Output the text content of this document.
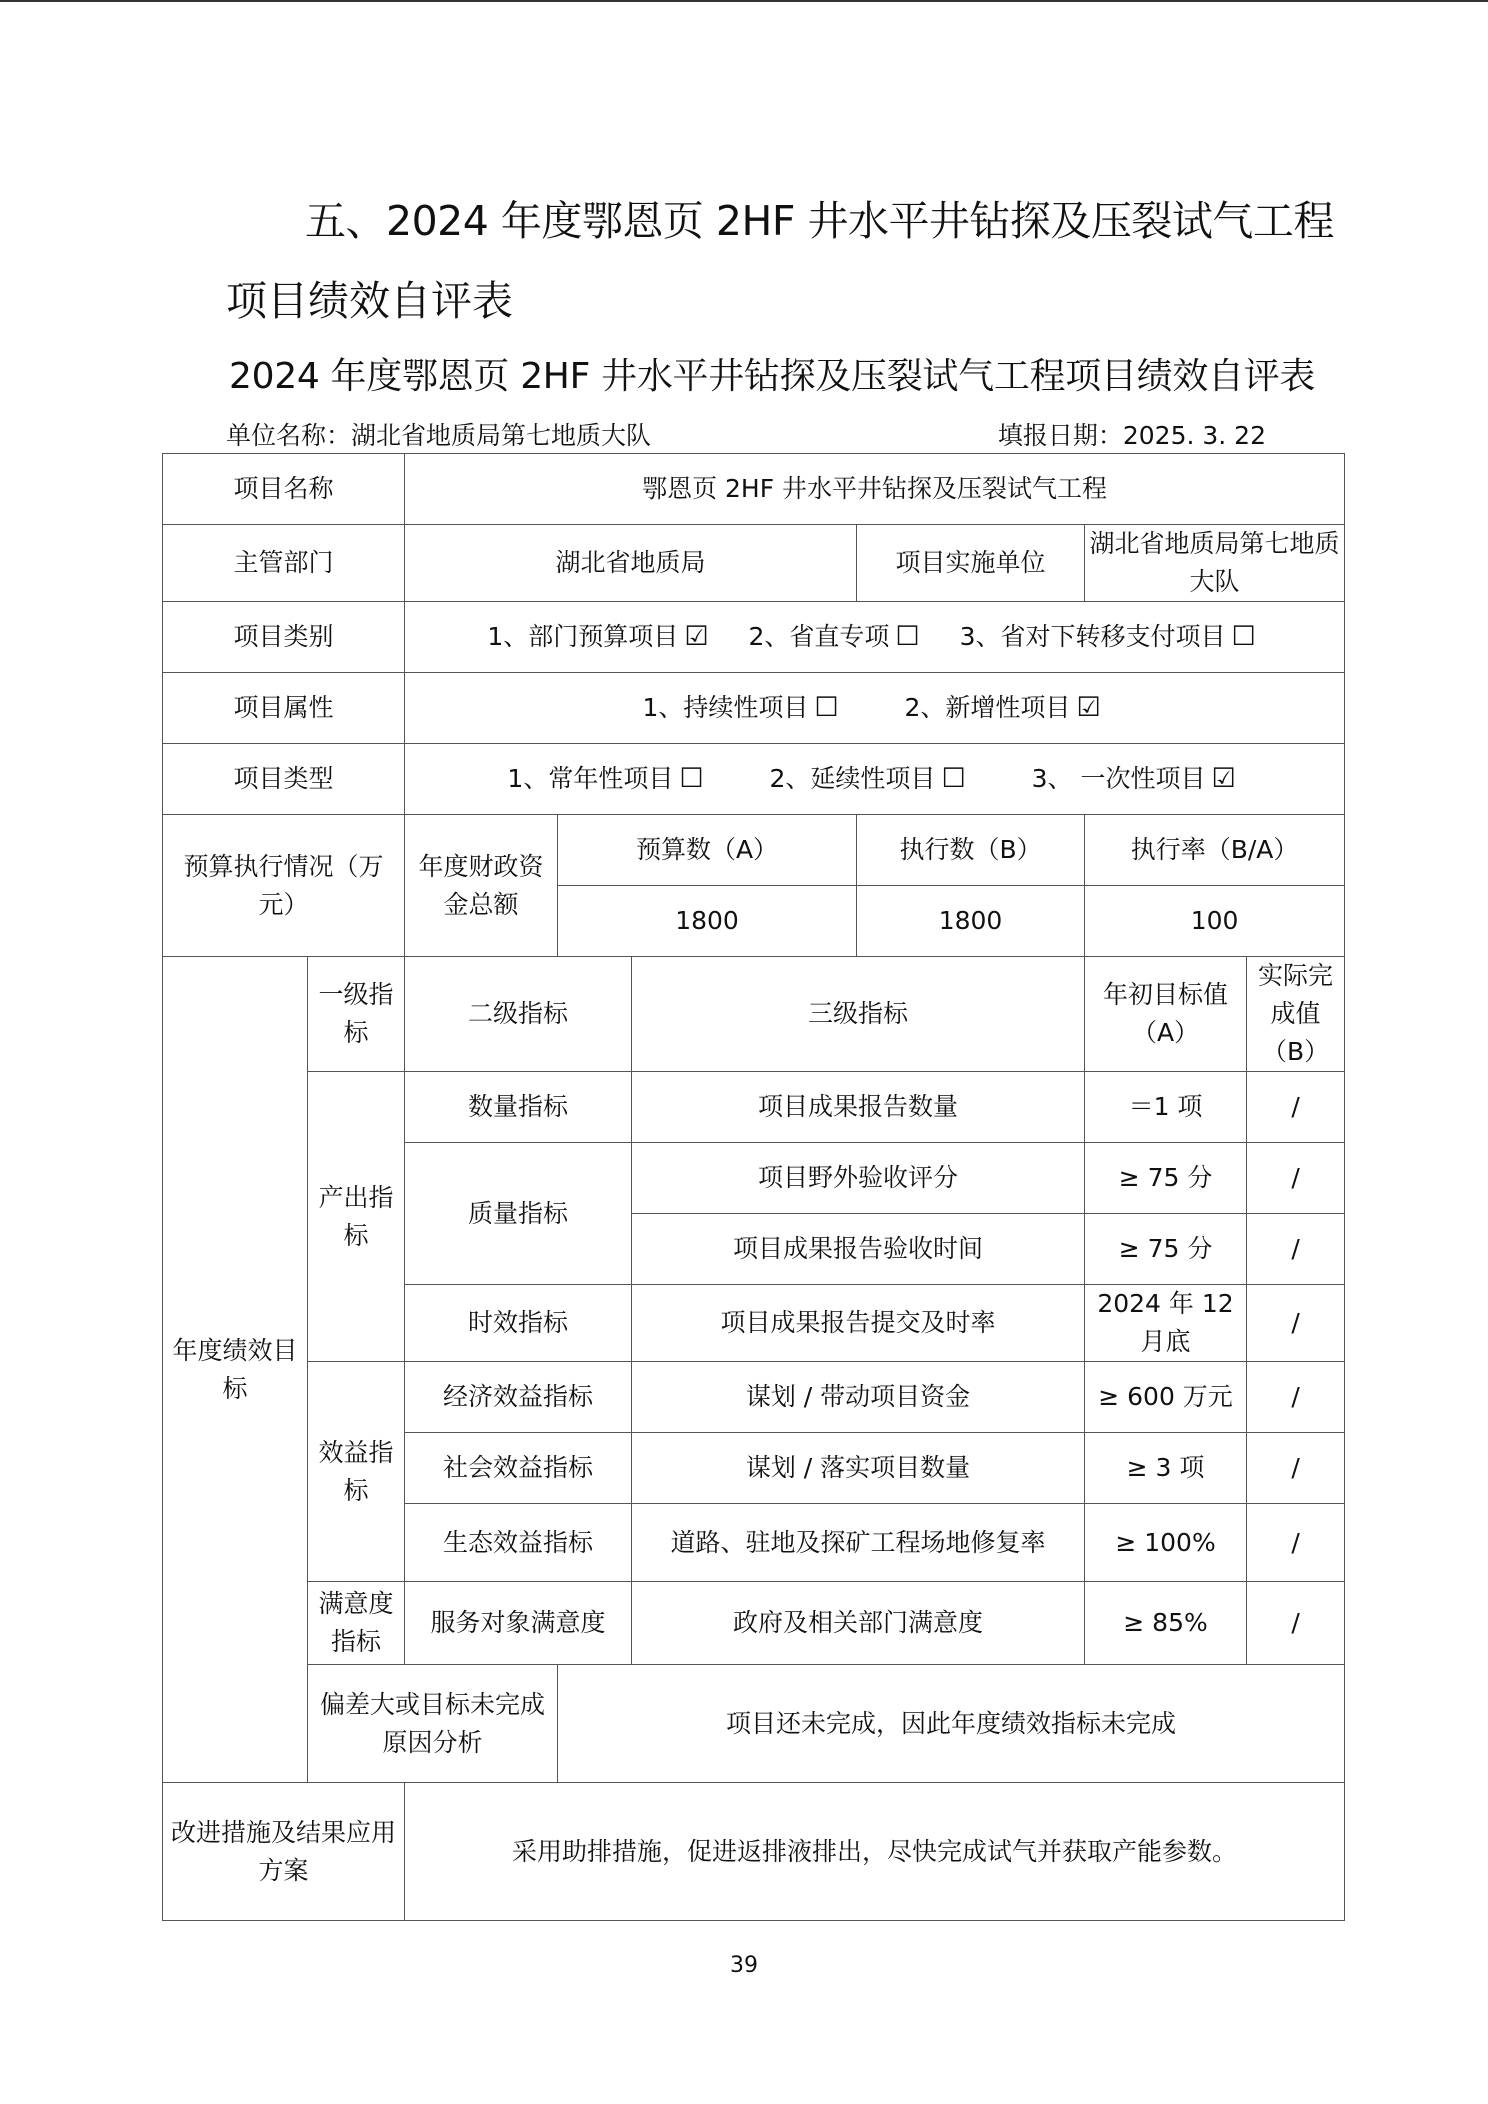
五、2024 年度鄂恩页 2HF 井水平井钻探及压裂试气工程
项目绩效自评表
2024 年度鄂恩页 2HF 井水平井钻探及压裂试气工程项目绩效自评表
单位名称：湖北省地质局第七地质大队	填报日期：2025. 3. 22
项目名称		鄂恩页 2HF 井水平井钻探及压裂试气工程					
主管部门		湖北省地质局			项目实施单位	湖北省地质局第七地质大队	
项目类别		1、部门预算项目 ☑ 2、省直专项 ☐ 3、省对下转移支付项目 ☐					
项目属性		1、持续性项目 ☐ 2、新增性项目 ☑					
项目类型		1、常年性项目 ☐ 2、延续性项目 ☐ 3、 一次性项目 ☑					
预算执行情况（万元）		年度财政资金总额	预算数（A）		执行数（B）	执行率（B/A）	
			1800		1800	100	
年度绩效目标	一级指标	二级指标		三级指标		年初目标值（A）	实际完成值（B）
	产出指标	数量指标		项目成果报告数量		＝1 项	/
		质量指标		项目野外验收评分		≥ 75 分	/
				项目成果报告验收时间		≥ 75 分	/
		时效指标		项目成果报告提交及时率		2024 年 12 月底	/
	效益指标	经济效益指标		谋划 / 带动项目资金		≥ 600 万元	/
		社会效益指标		谋划 / 落实项目数量		≥ 3 项	/
		生态效益指标		道路、驻地及探矿工程场地修复率		≥ 100%	/
	满意度指标	服务对象满意度		政府及相关部门满意度		≥ 85%	/
	偏差大或目标未完成原因分析		项目还未完成，因此年度绩效指标未完成				
改进措施及结果应用方案		采用助排措施，促进返排液排出，尽快完成试气并获取产能参数。					
39
